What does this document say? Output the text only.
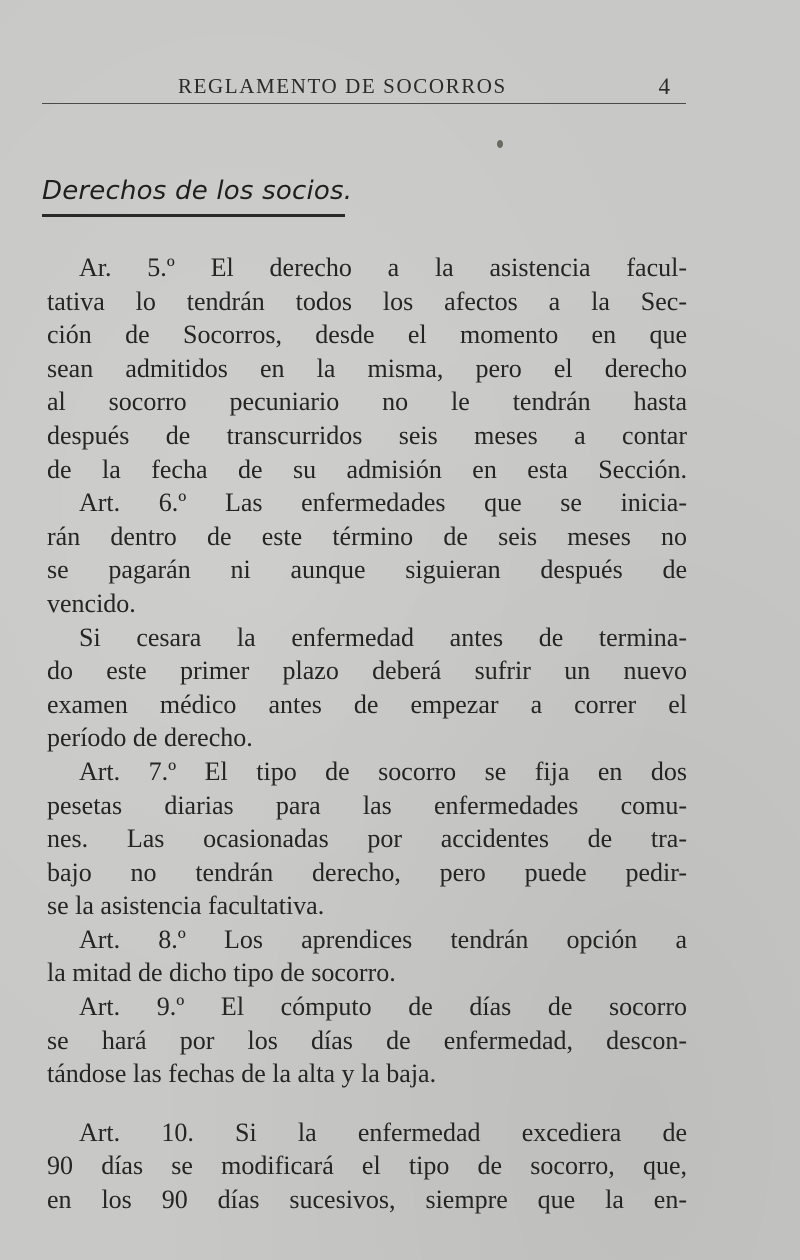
REGLAMENTO DE SOCORROS	4
Derechos de los socios.
Ar. 5.º El derecho a la asistencia facul-
tativa lo tendrán todos los afectos a la Sec-
ción de Socorros, desde el momento en que
sean admitidos en la misma, pero el derecho
al socorro pecuniario no le tendrán hasta
después de transcurridos seis meses a contar
de la fecha de su admisión en esta Sección.
Art. 6.º Las enfermedades que se inicia-
rán dentro de este término de seis meses no
se pagarán ni aunque siguieran después de
vencido.
Si cesara la enfermedad antes de termina-
do este primer plazo deberá sufrir un nuevo
examen médico antes de empezar a correr el
período de derecho.
Art. 7.º El tipo de socorro se fija en dos
pesetas diarias para las enfermedades comu-
nes. Las ocasionadas por accidentes de tra-
bajo no tendrán derecho, pero puede pedir-
se la asistencia facultativa.
Art. 8.º Los aprendices tendrán opción a
la mitad de dicho tipo de socorro.
Art. 9.º El cómputo de días de socorro
se hará por los días de enfermedad, descon-
tándose las fechas de la alta y la baja.
Art. 10. Si la enfermedad excediera de
90 días se modificará el tipo de socorro, que,
en los 90 días sucesivos, siempre que la en-
